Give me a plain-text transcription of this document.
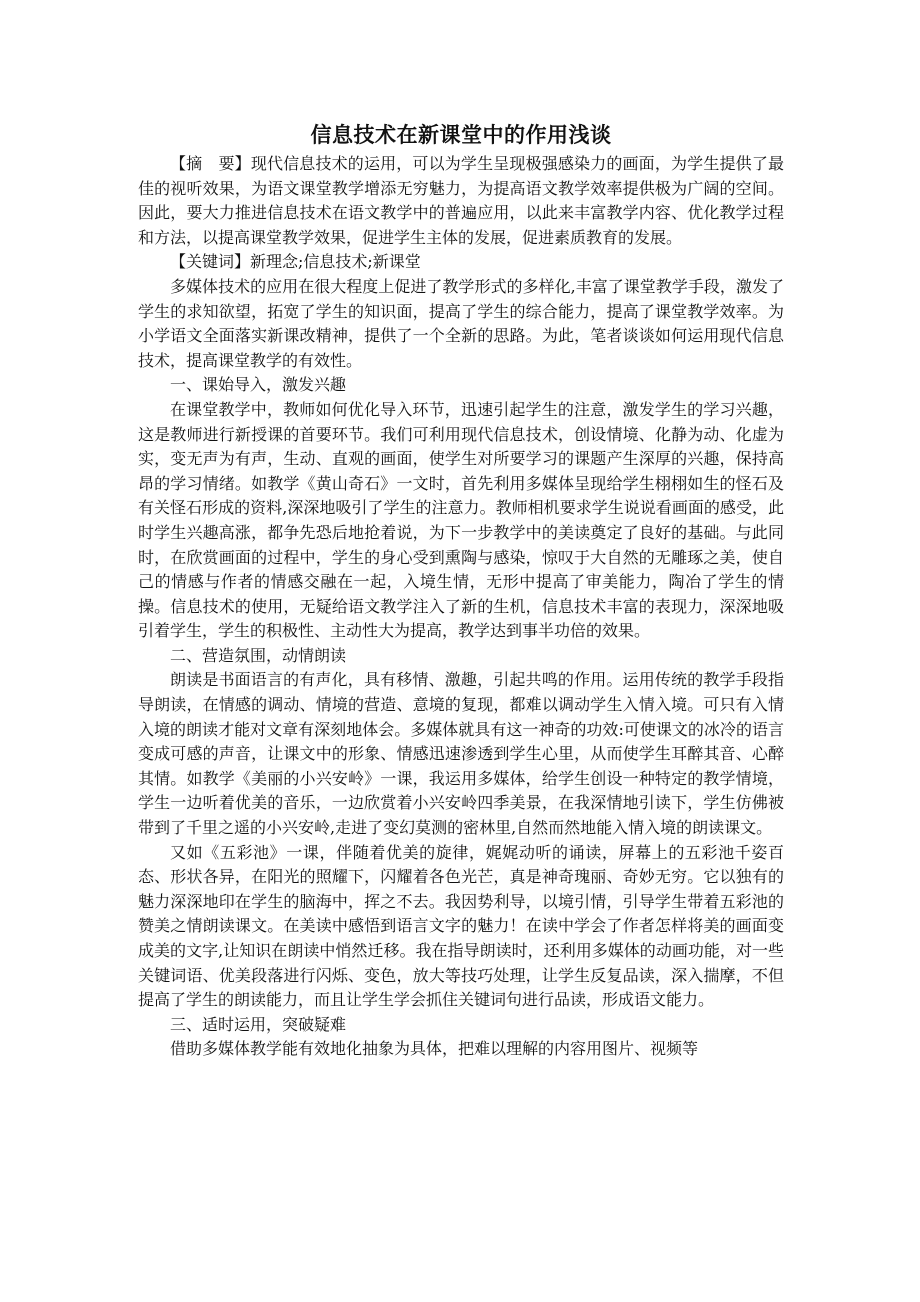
信息技术在新课堂中的作用浅谈

【摘　要】现代信息技术的运用，可以为学生呈现极强感染力的画面，为学生提供了最佳的视听效果，为语文课堂教学增添无穷魅力，为提高语文教学效率提供极为广阔的空间。因此，要大力推进信息技术在语文教学中的普遍应用，以此来丰富教学内容、优化教学过程和方法，以提高课堂教学效果，促进学生主体的发展，促进素质教育的发展。

【关键词】新理念;信息技术;新课堂

多媒体技术的应用在很大程度上促进了教学形式的多样化,丰富了课堂教学手段，激发了学生的求知欲望，拓宽了学生的知识面，提高了学生的综合能力，提高了课堂教学效率。为小学语文全面落实新课改精神，提供了一个全新的思路。为此，笔者谈谈如何运用现代信息技术，提高课堂教学的有效性。

一、课始导入，激发兴趣

在课堂教学中，教师如何优化导入环节，迅速引起学生的注意，激发学生的学习兴趣，这是教师进行新授课的首要环节。我们可利用现代信息技术，创设情境、化静为动、化虚为实，变无声为有声，生动、直观的画面，使学生对所要学习的课题产生深厚的兴趣，保持高昂的学习情绪。如教学《黄山奇石》一文时，首先利用多媒体呈现给学生栩栩如生的怪石及有关怪石形成的资料,深深地吸引了学生的注意力。教师相机要求学生说说看画面的感受，此时学生兴趣高涨，都争先恐后地抢着说，为下一步教学中的美读奠定了良好的基础。与此同时，在欣赏画面的过程中，学生的身心受到熏陶与感染，惊叹于大自然的无雕琢之美，使自己的情感与作者的情感交融在一起，入境生情，无形中提高了审美能力，陶冶了学生的情操。信息技术的使用，无疑给语文教学注入了新的生机，信息技术丰富的表现力，深深地吸引着学生，学生的积极性、主动性大为提高，教学达到事半功倍的效果。

二、营造氛围，动情朗读

朗读是书面语言的有声化，具有移情、激趣，引起共鸣的作用。运用传统的教学手段指导朗读，在情感的调动、情境的营造、意境的复现，都难以调动学生入情入境。可只有入情入境的朗读才能对文章有深刻地体会。多媒体就具有这一神奇的功效:可使课文的冰冷的语言变成可感的声音，让课文中的形象、情感迅速渗透到学生心里，从而使学生耳醉其音、心醉其情。如教学《美丽的小兴安岭》一课，我运用多媒体，给学生创设一种特定的教学情境，学生一边听着优美的音乐，一边欣赏着小兴安岭四季美景，在我深情地引读下，学生仿佛被带到了千里之遥的小兴安岭,走进了变幻莫测的密林里,自然而然地能入情入境的朗读课文。

又如《五彩池》一课，伴随着优美的旋律，娓娓动听的诵读，屏幕上的五彩池千姿百态、形状各异，在阳光的照耀下，闪耀着各色光芒，真是神奇瑰丽、奇妙无穷。它以独有的魅力深深地印在学生的脑海中，挥之不去。我因势利导，以境引情，引导学生带着五彩池的赞美之情朗读课文。在美读中感悟到语言文字的魅力！在读中学会了作者怎样将美的画面变成美的文字,让知识在朗读中悄然迁移。我在指导朗读时，还利用多媒体的动画功能，对一些关键词语、优美段落进行闪烁、变色，放大等技巧处理，让学生反复品读，深入揣摩，不但提高了学生的朗读能力，而且让学生学会抓住关键词句进行品读，形成语文能力。

三、适时运用，突破疑难

借助多媒体教学能有效地化抽象为具体，把难以理解的内容用图片、视频等
